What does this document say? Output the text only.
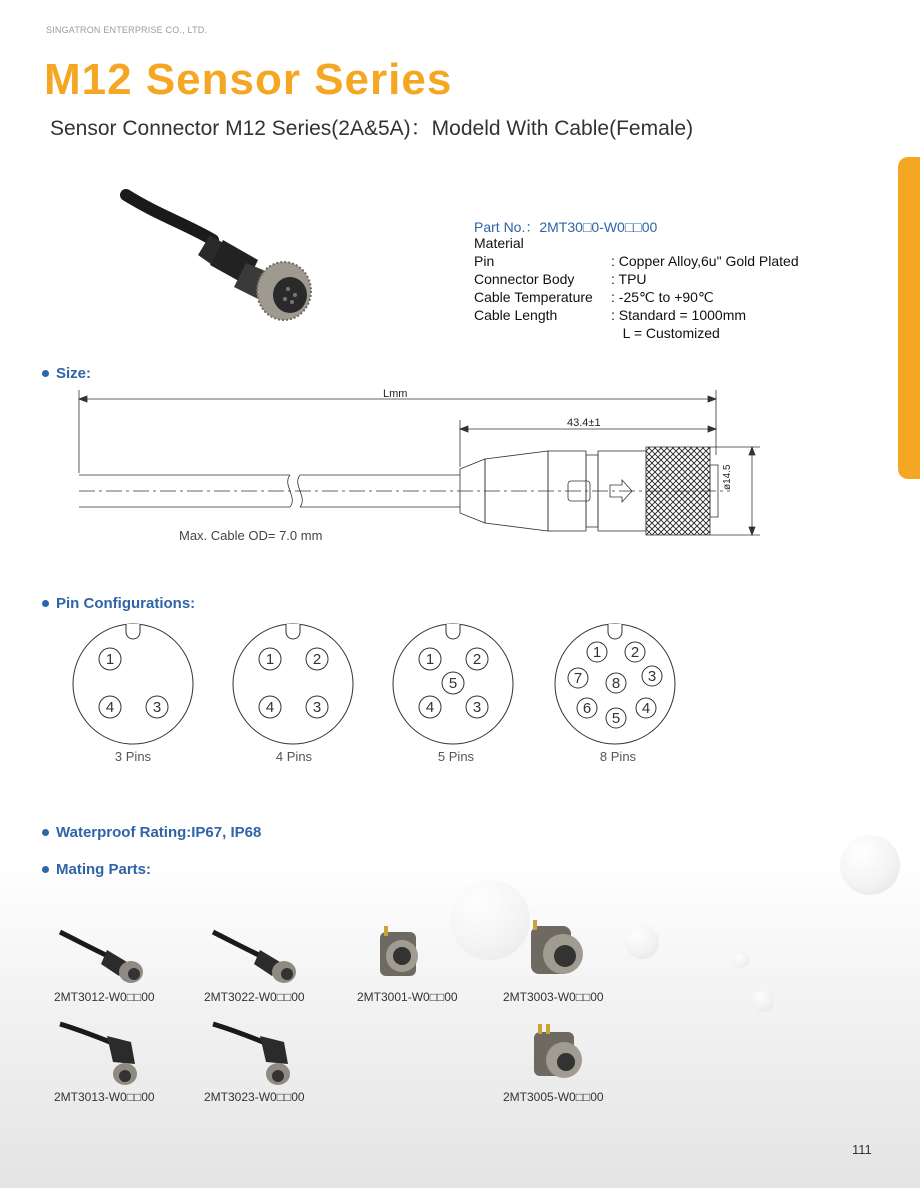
SINGATRON ENTERPRISE CO., LTD.
M12 Sensor Series
Sensor Connector M12 Series(2A&5A)：Modeld With Cable(Female)
Part No.：2MT30□0-W0□□00
Material
Pin	: Copper Alloy,6u" Gold Plated
Connector Body	: TPU
Cable Temperature : -25℃ to +90℃
Cable Length	: Standard = 1000mm
L = Customized
Size:
Lmm
43.4±1
ø14.5
Max. Cable OD= 7.0 mm
Pin Configurations:
1
4	3
1	2
4	3
1	2
5
4	3
1 2
7 8 3
6	4
5
3 Pins	4 Pins	5 Pins	8 Pins
Waterproof Rating:IP67, IP68
Mating Parts:
2MT3012-W0□□00	2MT3022-W0□□00	2MT3001-W0□□00	2MT3003-W0□□00
2MT3013-W0□□00	2MT3023-W0□□00	2MT3005-W0□□00
111
